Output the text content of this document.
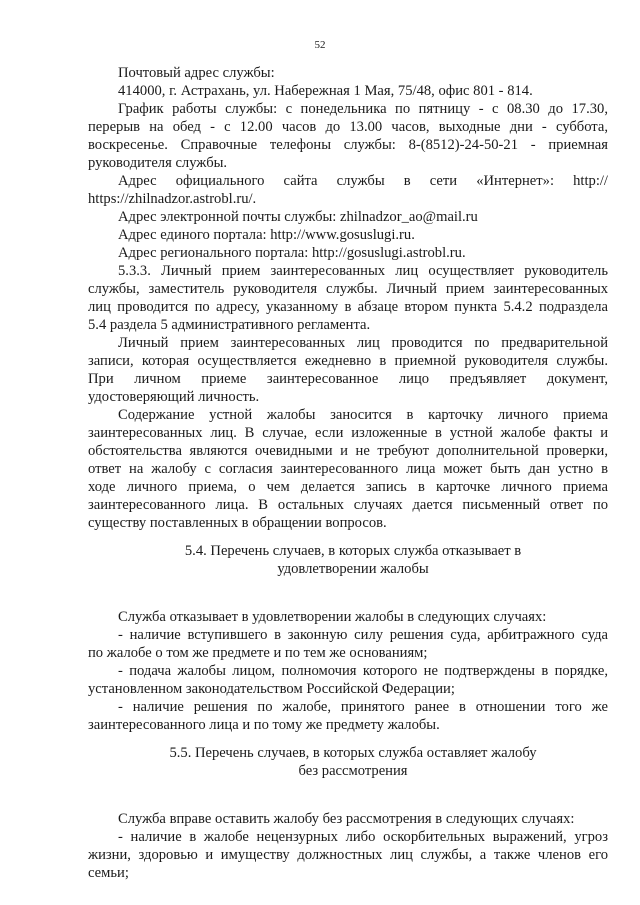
52

Почтовый адрес службы:

414000, г. Астрахань, ул. Набережная 1 Мая, 75/48, офис 801 - 814.

График работы службы: с понедельника по пятницу - с 08.30 до 17.30,

перерыв на обед - с 12.00 часов до 13.00 часов, выходные дни - суббота,

воскресенье. Справочные телефоны службы: 8-(8512)-24-50-21 - приемная

руководителя службы.

Адрес официального сайта службы в сети «Интернет»: http://

https://zhilnadzor.astrobl.ru/.

Адрес электронной почты службы: zhilnadzor_ao@mail.ru

Адрес единого портала: http://www.gosuslugi.ru.

Адрес регионального портала: http://gosuslugi.astrobl.ru.

5.3.3. Личный прием заинтересованных лиц осуществляет руководитель

службы, заместитель руководителя службы. Личный прием заинтересованных

лиц проводится по адресу, указанному в абзаце втором пункта 5.4.2 подраздела

5.4 раздела 5 административного регламента.

Личный прием заинтересованных лиц проводится по предварительной

записи, которая осуществляется ежедневно в приемной руководителя службы.

При личном приеме заинтересованное лицо предъявляет документ,

удостоверяющий личность.

Содержание устной жалобы заносится в карточку личного приема

заинтересованных лиц. В случае, если изложенные в устной жалобе факты и

обстоятельства являются очевидными и не требуют дополнительной проверки,

ответ на жалобу с согласия заинтересованного лица может быть дан устно в

ходе личного приема, о чем делается запись в карточке личного приема

заинтересованного лица. В остальных случаях дается письменный ответ по

существу поставленных в обращении вопросов.

5.4. Перечень случаев, в которых служба отказывает в

удовлетворении жалобы

Служба отказывает в удовлетворении жалобы в следующих случаях:

- наличие вступившего в законную силу решения суда, арбитражного суда

по жалобе о том же предмете и по тем же основаниям;

- подача жалобы лицом, полномочия которого не подтверждены в порядке,

установленном законодательством Российской Федерации;

- наличие решения по жалобе, принятого ранее в отношении того же

заинтересованного лица и по тому же предмету жалобы.

5.5. Перечень случаев, в которых служба оставляет жалобу

без рассмотрения

Служба вправе оставить жалобу без рассмотрения в следующих случаях:

- наличие в жалобе нецензурных либо оскорбительных выражений, угроз

жизни, здоровью и имуществу должностных лиц службы, а также членов его

семьи;
